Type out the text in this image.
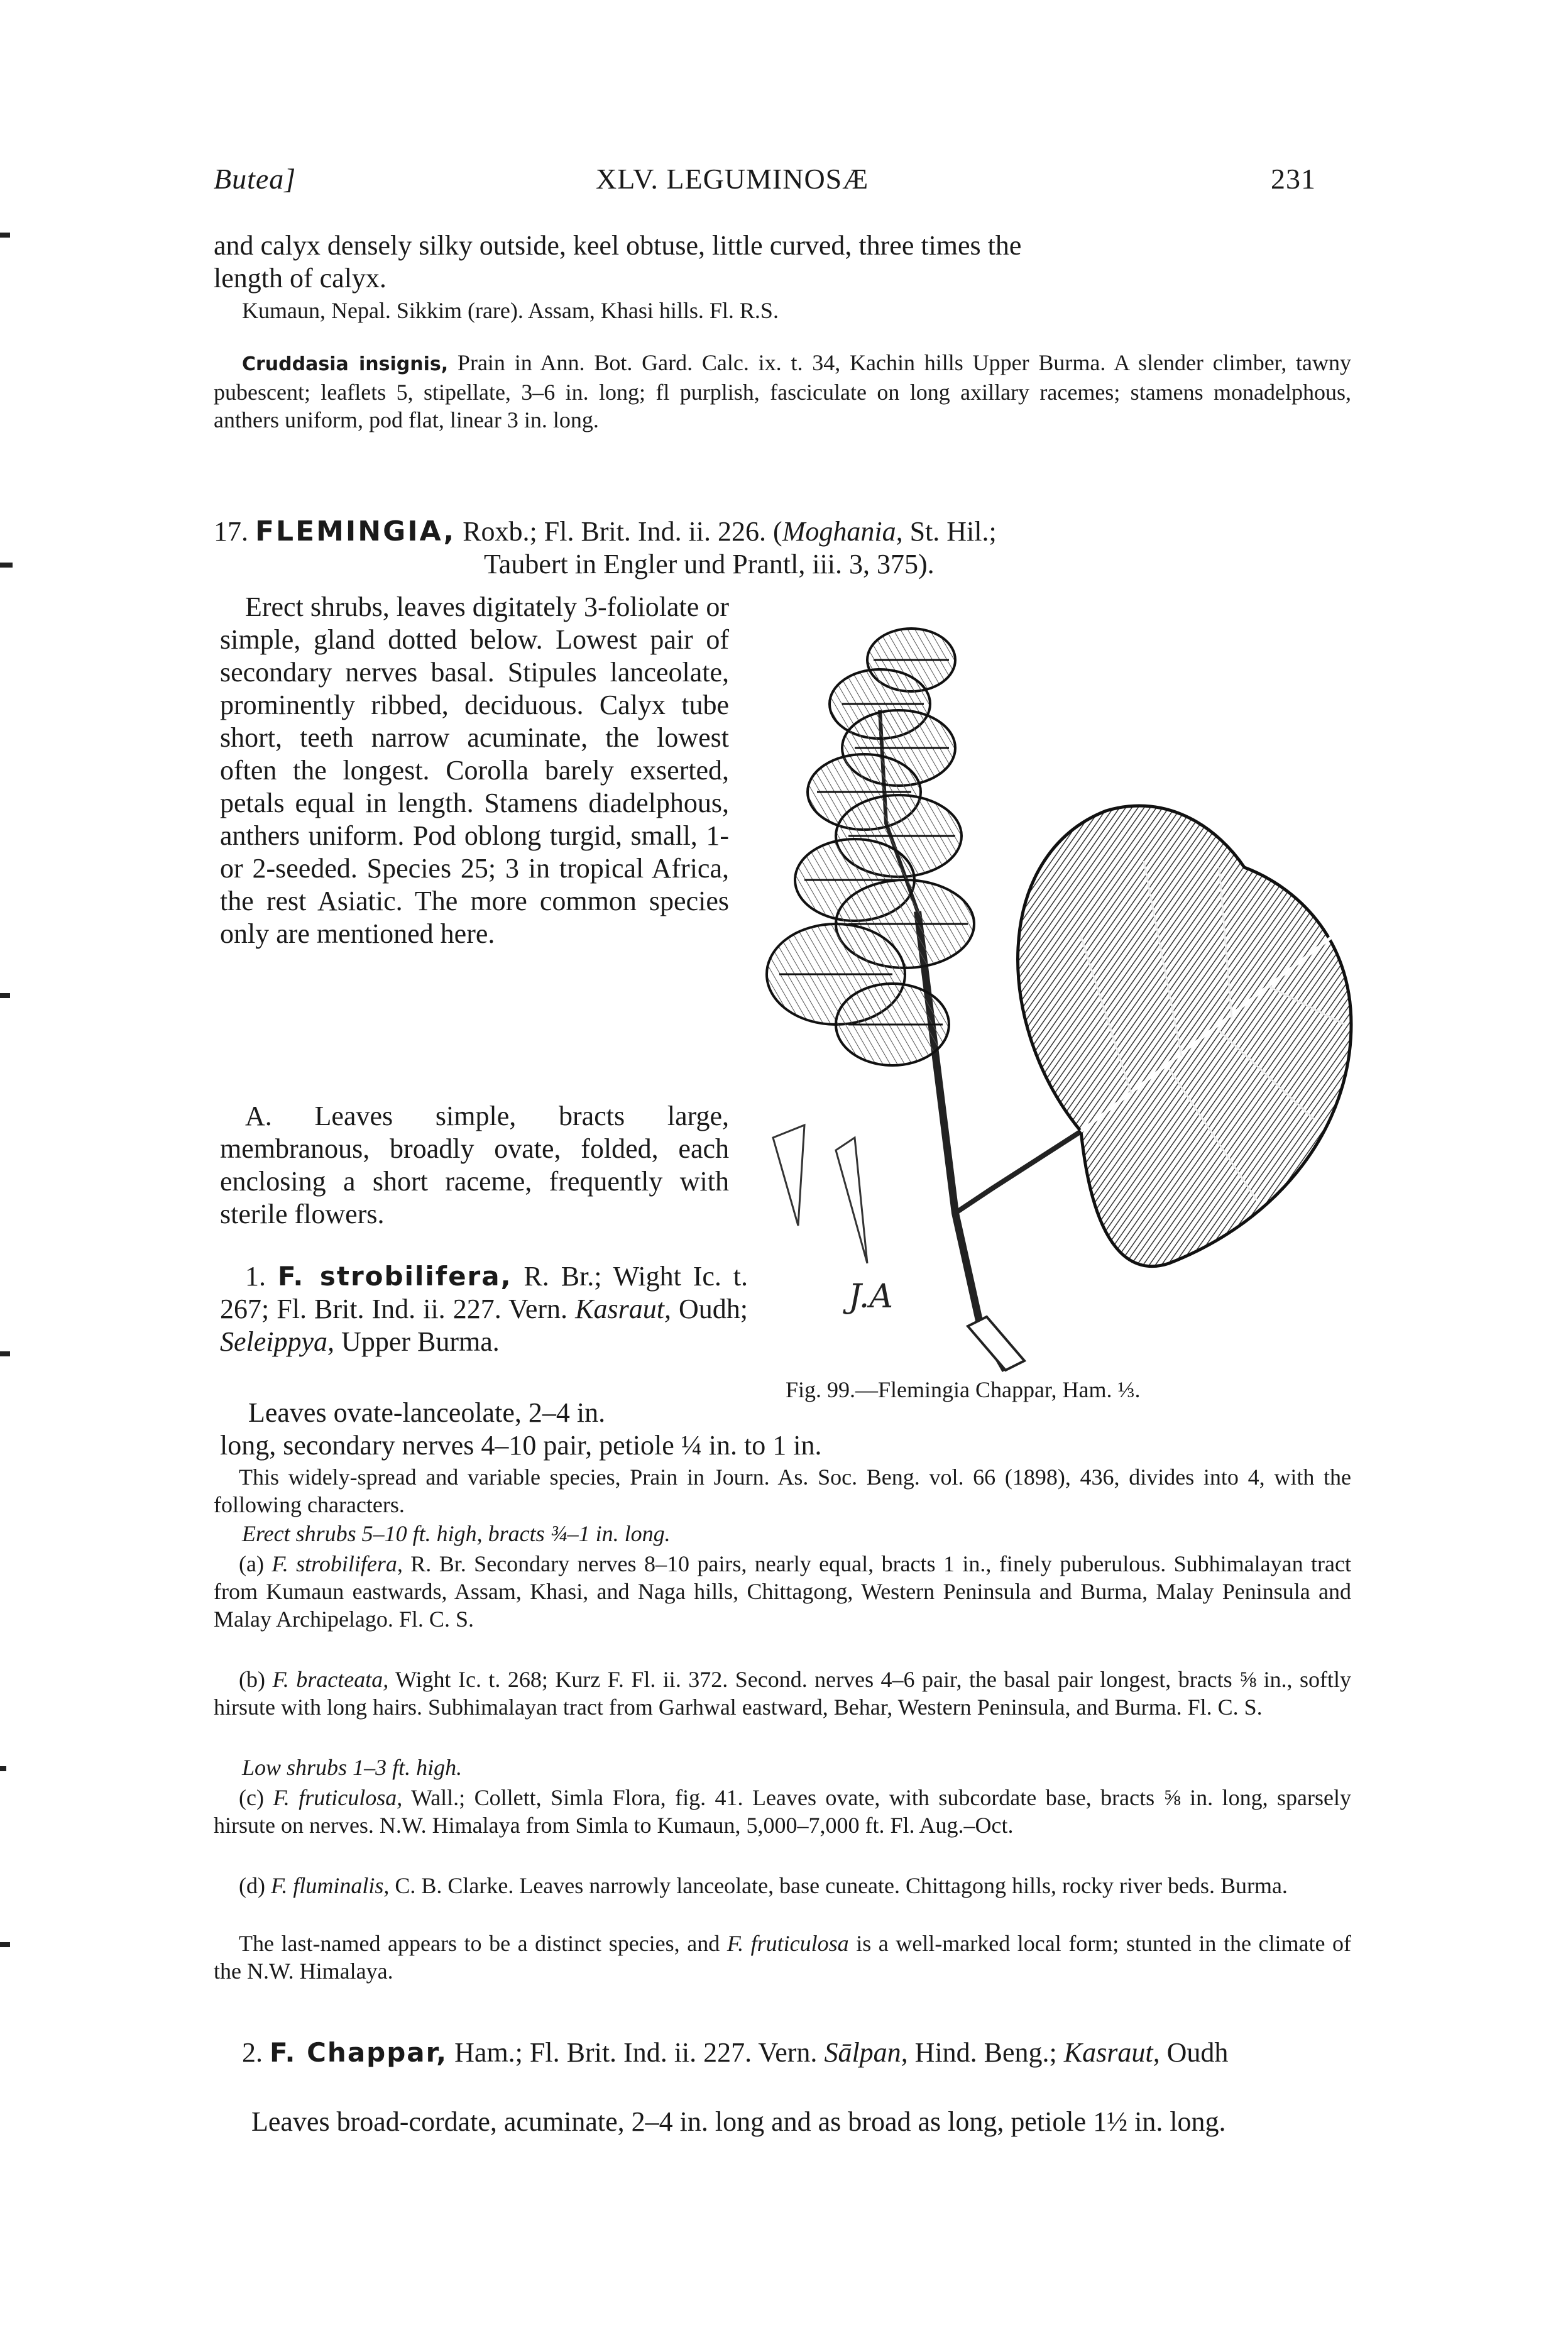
Butea]	XLV. LEGUMINOSÆ	231

and calyx densely silky outside, keel obtuse, little curved, three times the

length of calyx.

Kumaun, Nepal. Sikkim (rare). Assam, Khasi hills. Fl. R.S.
Cruddasia insignis, Prain in Ann. Bot. Gard. Calc. ix. t. 34, Kachin hills Upper Burma. A slender climber, tawny pubescent; leaflets 5, stipellate, 3–6 in. long; fl purplish, fasciculate on long axillary racemes; stamens monadelphous, anthers uniform, pod flat, linear 3 in. long.
17. FLEMINGIA, Roxb.; Fl. Brit. Ind. ii. 226. (Moghania, St. Hil.;
Taubert in Engler und Prantl, iii. 3, 375).
Erect shrubs, leaves digitately 3-foliolate or simple, gland dotted below. Lowest pair of secondary nerves basal. Stipules lanceolate, prominently ribbed, deciduous. Calyx tube short, teeth narrow acuminate, the lowest often the longest. Corolla barely exserted, petals equal in length. Stamens diadelphous, anthers uniform. Pod oblong turgid, small, 1- or 2-seeded. Species 25; 3 in tropical Africa, the rest Asiatic. The more common species only are mentioned here.
A. Leaves simple, bracts large, membranous, broadly ovate, folded, each enclosing a short raceme, frequently with sterile flowers.
1. F. strobilifera, R. Br.; Wight Ic. t. 267; Fl. Brit. Ind. ii. 227. Vern. Kasraut, Oudh; Seleippya, Upper Burma.
Leaves ovate-lanceolate, 2–4 in.
long, secondary nerves 4–10 pair, petiole ¼ in. to 1 in.
J.A
Fig. 99.—Flemingia Chappar, Ham. ⅓.
This widely-spread and variable species, Prain in Journ. As. Soc. Beng. vol. 66 (1898), 436, divides into 4, with the following characters.
Erect shrubs 5–10 ft. high, bracts ¾–1 in. long.
(a) F. strobilifera, R. Br. Secondary nerves 8–10 pairs, nearly equal, bracts 1 in., finely puberulous. Subhimalayan tract from Kumaun eastwards, Assam, Khasi, and Naga hills, Chittagong, Western Peninsula and Burma, Malay Peninsula and Malay Archipelago. Fl. C. S.
(b) F. bracteata, Wight Ic. t. 268; Kurz F. Fl. ii. 372. Second. nerves 4–6 pair, the basal pair longest, bracts ⅝ in., softly hirsute with long hairs. Subhimalayan tract from Garhwal eastward, Behar, Western Peninsula, and Burma. Fl. C. S.
Low shrubs 1–3 ft. high.
(c) F. fruticulosa, Wall.; Collett, Simla Flora, fig. 41. Leaves ovate, with subcordate base, bracts ⅝ in. long, sparsely hirsute on nerves. N.W. Himalaya from Simla to Kumaun, 5,000–7,000 ft. Fl. Aug.–Oct.
(d) F. fluminalis, C. B. Clarke. Leaves narrowly lanceolate, base cuneate. Chittagong hills, rocky river beds. Burma.
The last-named appears to be a distinct species, and F. fruticulosa is a well-marked local form; stunted in the climate of the N.W. Himalaya.
2. F. Chappar, Ham.; Fl. Brit. Ind. ii. 227. Vern. Sālpan, Hind. Beng.; Kasraut, Oudh
Leaves broad-cordate, acuminate, 2–4 in. long and as broad as long, petiole 1½ in. long.
